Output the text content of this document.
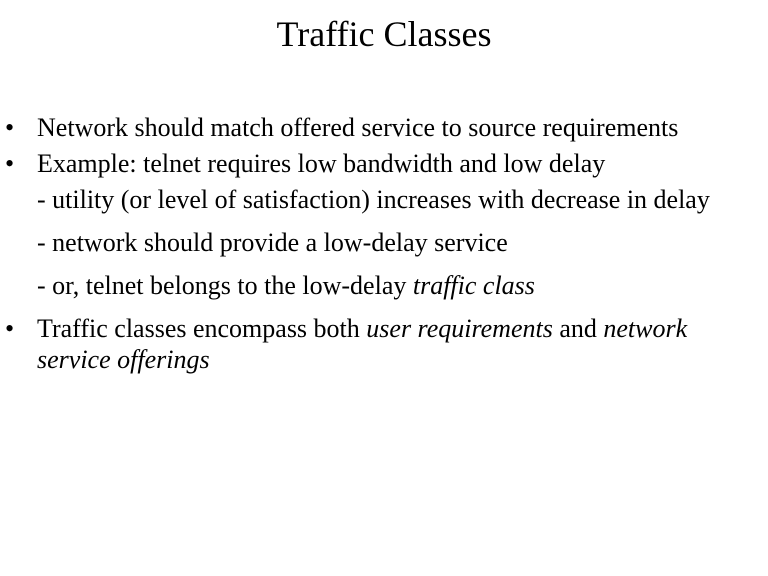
Traffic Classes
• Network should match offered service to source requirements
• Example: telnet requires low bandwidth and low delay
- utility (or level of satisfaction) increases with decrease in delay
- network should provide a low-delay service
- or, telnet belongs to the low-delay traffic class
• Traffic classes encompass both user requirements and network service offerings
